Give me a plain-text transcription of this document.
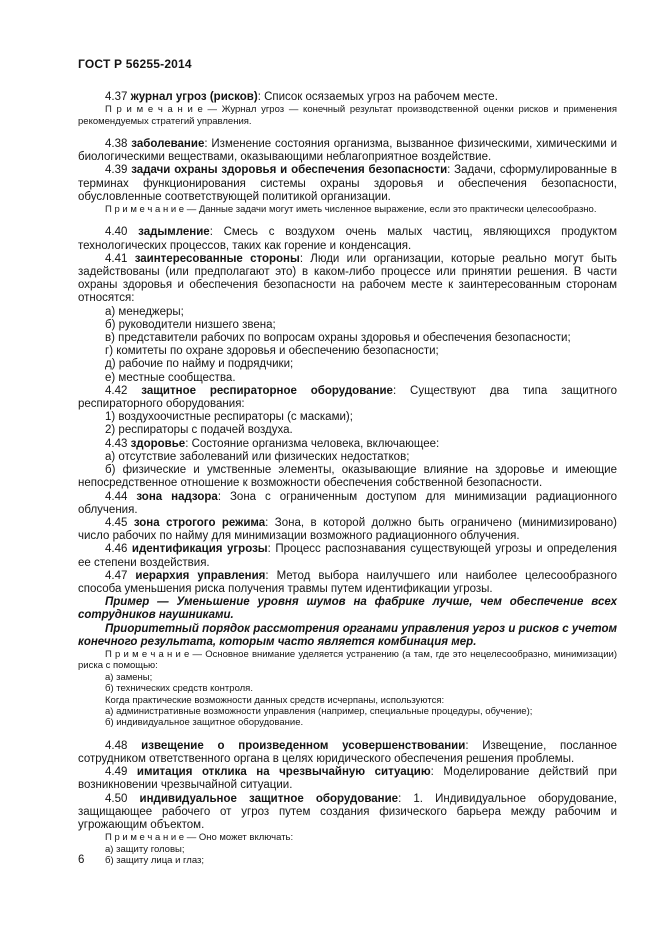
ГОСТ Р 56255-2014

4.37 журнал угроз (рисков): Список осязаемых угроз на рабочем месте.

П р и м е ч а н и е — Журнал угроз — конечный результат производственной оценки рисков и применения рекомендуемых стратегий управления.

4.38 заболевание: Изменение состояния организма, вызванное физическими, химическими и биологическими веществами, оказывающими неблагоприятное воздействие.

4.39 задачи охраны здоровья и обеспечения безопасности: Задачи, сформулированные в терминах функционирования системы охраны здоровья и обеспечения безопасности, обусловленные соответствующей политикой организации.

П р и м е ч а н и е — Данные задачи могут иметь численное выражение, если это практически целесообразно.

4.40 задымление: Смесь с воздухом очень малых частиц, являющихся продуктом технологических процессов, таких как горение и конденсация.

4.41 заинтересованные стороны: Люди или организации, которые реально могут быть задействованы (или предполагают это) в каком-либо процессе или принятии решения. В части охраны здоровья и обеспечения безопасности на рабочем месте к заинтересованным сторонам относятся:

а) менеджеры;

б) руководители низшего звена;

в) представители рабочих по вопросам охраны здоровья и обеспечения безопасности;

г) комитеты по охране здоровья и обеспечению безопасности;

д) рабочие по найму и подрядчики;

е) местные сообщества.

4.42 защитное респираторное оборудование: Существуют два типа защитного респираторного оборудования:

1) воздухоочистные респираторы (с масками);

2) респираторы с подачей воздуха.

4.43 здоровье: Состояние организма человека, включающее:

а) отсутствие заболеваний или физических недостатков;

б) физические и умственные элементы, оказывающие влияние на здоровье и имеющие непосредственное отношение к возможности обеспечения собственной безопасности.

4.44 зона надзора: Зона с ограниченным доступом для минимизации радиационного облучения.

4.45 зона строгого режима: Зона, в которой должно быть ограничено (минимизировано) число рабочих по найму для минимизации возможного радиационного облучения.

4.46 идентификация угрозы: Процесс распознавания существующей угрозы и определения ее степени воздействия.

4.47 иерархия управления: Метод выбора наилучшего или наиболее целесообразного способа уменьшения риска получения травмы путем идентификации угрозы.

Пример — Уменьшение уровня шумов на фабрике лучше, чем обеспечение всех сотрудников наушниками.

Приоритетный порядок рассмотрения органами управления угроз и рисков с учетом конечного результата, которым часто является комбинация мер.

П р и м е ч а н и е — Основное внимание уделяется устранению (а там, где это нецелесообразно, минимизации) риска с помощью:

а) замены;

б) технических средств контроля.

Когда практические возможности данных средств исчерпаны, используются:

а) административные возможности управления (например, специальные процедуры, обучение);

б) индивидуальное защитное оборудование.

4.48 извещение о произведенном усовершенствовании: Извещение, посланное сотрудником ответственного органа в целях юридического обеспечения решения проблемы.

4.49 имитация отклика на чрезвычайную ситуацию: Моделирование действий при возникновении чрезвычайной ситуации.

4.50 индивидуальное защитное оборудование: 1. Индивидуальное оборудование, защищающее рабочего от угроз путем создания физического барьера между рабочим и угрожающим объектом.

П р и м е ч а н и е — Оно может включать:

а) защиту головы;

б) защиту лица и глаз;

6
